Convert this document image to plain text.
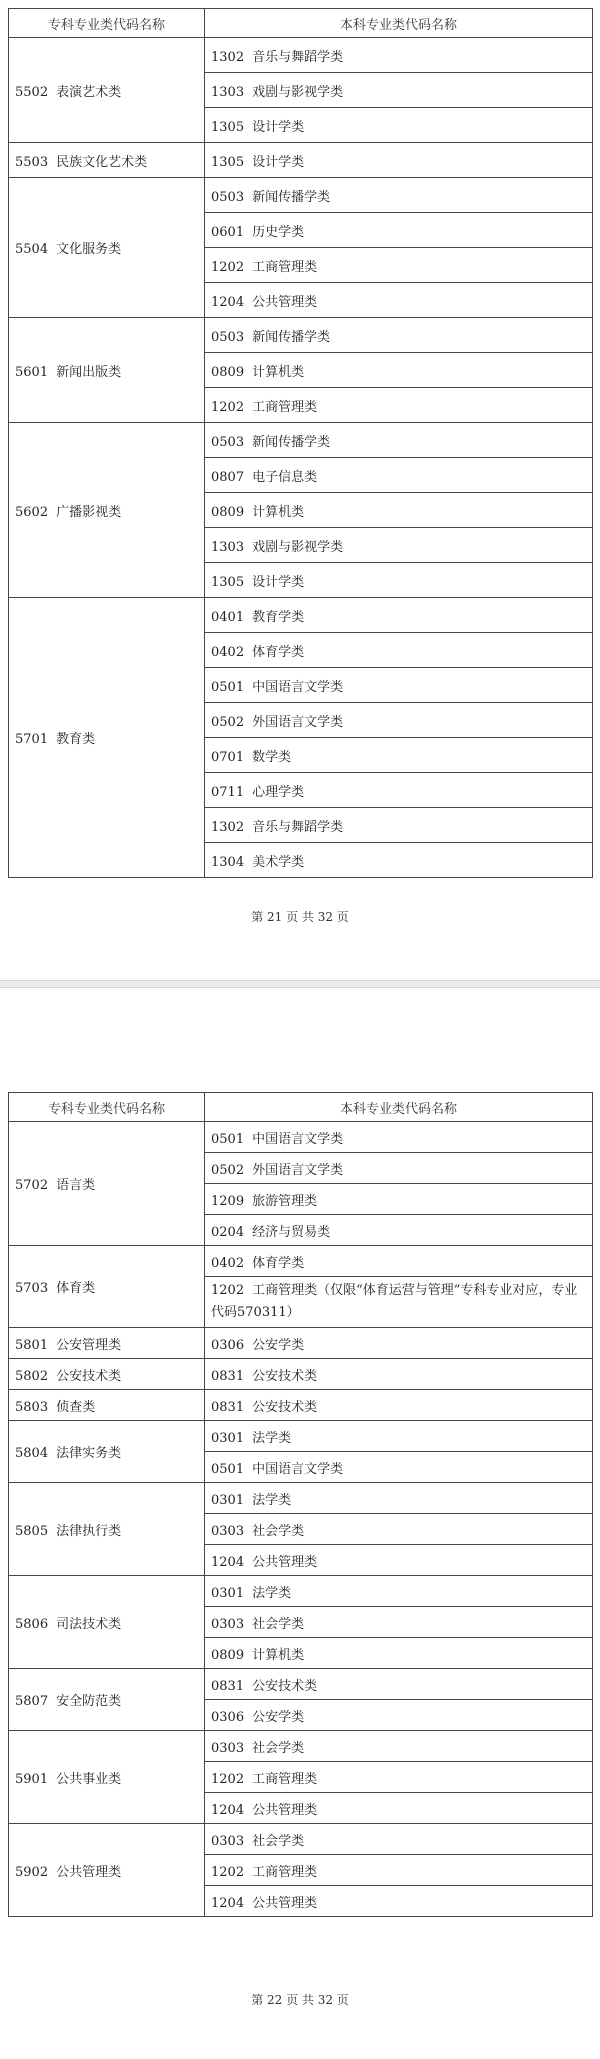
专科专业类代码名称	本科专业类代码名称
5502 表演艺术类	1302 音乐与舞蹈学类
	1303 戏剧与影视学类
	1305 设计学类
5503 民族文化艺术类	1305 设计学类
5504 文化服务类	0503 新闻传播学类
	0601 历史学类
	1202 工商管理类
	1204 公共管理类
5601 新闻出版类	0503 新闻传播学类
	0809 计算机类
	1202 工商管理类
5602 广播影视类	0503 新闻传播学类
	0807 电子信息类
	0809 计算机类
	1303 戏剧与影视学类
	1305 设计学类
5701 教育类	0401 教育学类
	0402 体育学类
	0501 中国语言文学类
	0502 外国语言文学类
	0701 数学类
	0711 心理学类
	1302 音乐与舞蹈学类
	1304 美术学类
第 21 页 共 32 页
专科专业类代码名称	本科专业类代码名称
5702 语言类	0501 中国语言文学类
	0502 外国语言文学类
	1209 旅游管理类
	0204 经济与贸易类
5703 体育类	0402 体育学类
	1202 工商管理类（仅限“体育运营与管理”专科专业对应，专业代码570311）
5801 公安管理类	0306 公安学类
5802 公安技术类	0831 公安技术类
5803 侦查类	0831 公安技术类
5804 法律实务类	0301 法学类
	0501 中国语言文学类
5805 法律执行类	0301 法学类
	0303 社会学类
	1204 公共管理类
5806 司法技术类	0301 法学类
	0303 社会学类
	0809 计算机类
5807 安全防范类	0831 公安技术类
	0306 公安学类
5901 公共事业类	0303 社会学类
	1202 工商管理类
	1204 公共管理类
5902 公共管理类	0303 社会学类
	1202 工商管理类
	1204 公共管理类
第 22 页 共 32 页
